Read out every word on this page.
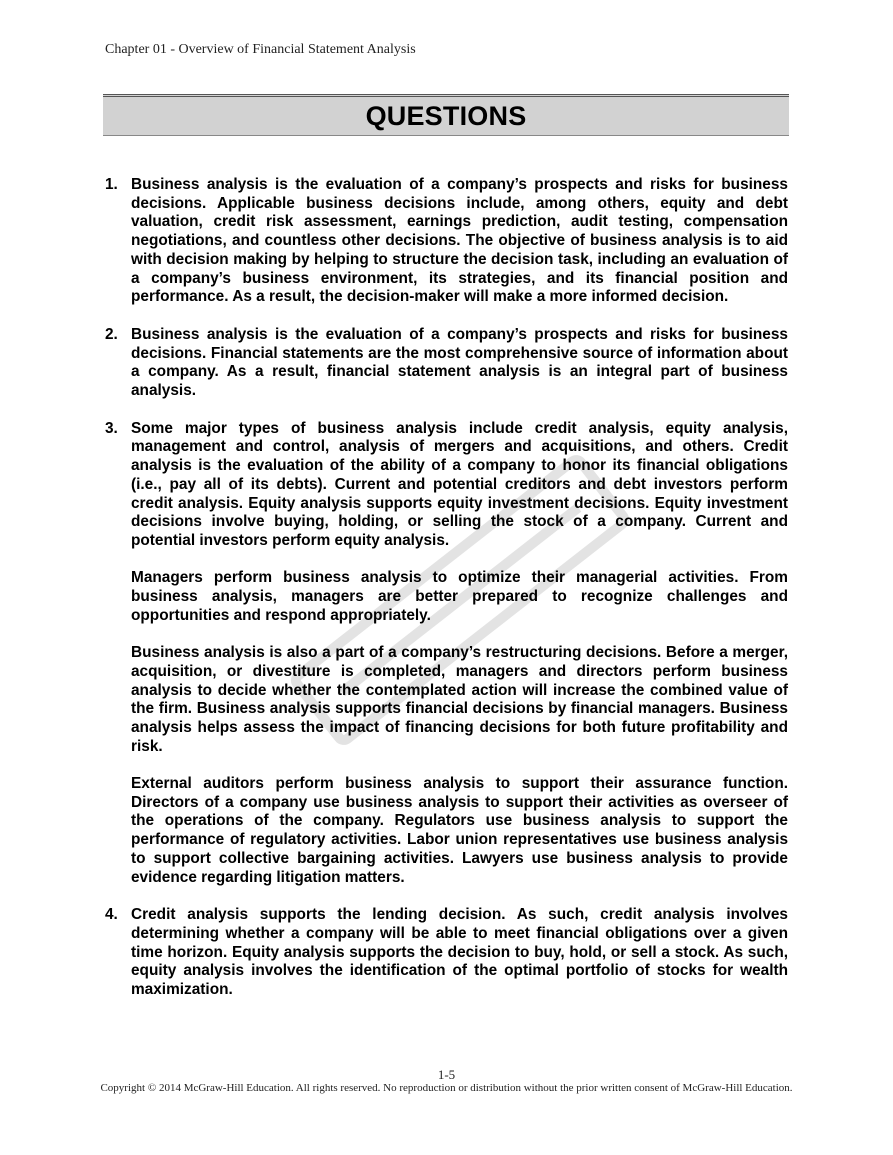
Chapter 01 - Overview of Financial Statement Analysis
QUESTIONS
1. Business analysis is the evaluation of a company’s prospects and risks for business decisions. Applicable business decisions include, among others, equity and debt valuation, credit risk assessment, earnings prediction, audit testing, compensation negotiations, and countless other decisions. The objective of business analysis is to aid with decision making by helping to structure the decision task, including an evaluation of a company’s business environment, its strategies, and its financial position and performance. As a result, the decision-maker will make a more informed decision.

2. Business analysis is the evaluation of a company’s prospects and risks for business decisions. Financial statements are the most comprehensive source of information about a company. As a result, financial statement analysis is an integral part of business analysis.

3. Some major types of business analysis include credit analysis, equity analysis, management and control, analysis of mergers and acquisitions, and others. Credit analysis is the evaluation of the ability of a company to honor its financial obligations (i.e., pay all of its debts). Current and potential creditors and debt investors perform credit analysis. Equity analysis supports equity investment decisions. Equity investment decisions involve buying, holding, or selling the stock of a company. Current and potential investors perform equity analysis.

Managers perform business analysis to optimize their managerial activities. From business analysis, managers are better prepared to recognize challenges and opportunities and respond appropriately.

Business analysis is also a part of a company’s restructuring decisions. Before a merger, acquisition, or divestiture is completed, managers and directors perform business analysis to decide whether the contemplated action will increase the combined value of the firm. Business analysis supports financial decisions by financial managers. Business analysis helps assess the impact of financing decisions for both future profitability and risk.

External auditors perform business analysis to support their assurance function. Directors of a company use business analysis to support their activities as overseer of the operations of the company. Regulators use business analysis to support the performance of regulatory activities. Labor union representatives use business analysis to support collective bargaining activities. Lawyers use business analysis to provide evidence regarding litigation matters.

4. Credit analysis supports the lending decision. As such, credit analysis involves determining whether a company will be able to meet financial obligations over a given time horizon. Equity analysis supports the decision to buy, hold, or sell a stock. As such, equity analysis involves the identification of the optimal portfolio of stocks for wealth maximization.

1-5
Copyright © 2014 McGraw-Hill Education. All rights reserved. No reproduction or distribution without the prior written consent of McGraw-Hill Education.
